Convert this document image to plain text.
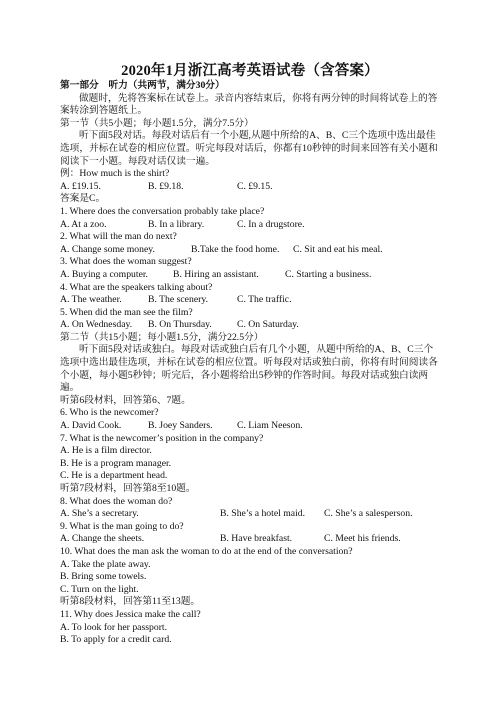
2020年1月浙江高考英语试卷（含答案）
第一部分 听力（共两节，满分30分）
做题时，先将答案标在试卷上。录音内容结束后，你将有两分钟的时间将试卷上的答案转涂到答题纸上。
第一节（共5小题；每小题1.5分，满分7.5分）
听下面5段对话。每段对话后有一个小题,从题中所给的A、B、C三个选项中选出最佳选项，并标在试卷的相应位置。听完每段对话后，你都有10秒钟的时间来回答有关小题和阅读下一小题。每段对话仅读一遍。
例：How much is the shirt?
A. £19.15.	B. £9.18.	C. £9.15.
答案是C。
1. Where does the conversation probably take place?
A. At a zoo.	B. In a library.	C. In a drugstore.
2. What will the man do next?
A. Change some money.	B.Take the food home. C. Sit and eat his meal.
3. What does the woman suggest?
A. Buying a computer.	B. Hiring an assistant.	C. Starting a business.
4. What are the speakers talking about?
A. The weather.	B. The scenery.	C. The traffic.
5. When did the man see the film?
A. On Wednesday. B. On Thursday.	C. On Saturday.
第二节（共15小题；每小题1.5分，满分22.5分）
听下面5段对话或独白。每段对话或独白后有几个小题，从题中所给的A、B、C三个选项中选出最佳选项，并标在试卷的相应位置。听每段对话或独白前，你将有时间阅读各个小题，每小题5秒钟；听完后，各小题将给出5秒钟的作答时间。每段对话或独白读两遍。
听第6段材料，回答第6、7题。
6. Who is the newcomer?
A. David Cook.	B. Joey Sanders.	C. Liam Neeson.
7. What is the newcomer’s position in the company?
A. He is a film director.
B. He is a program manager.
C. He is a department head.
听第7段材料，回答第8至10题。
8. What does the woman do?
A. She’s a secretary.	B. She’s a hotel maid. C. She’s a salesperson.
9. What is the man going to do?
A. Change the sheets.	B. Have breakfast.	C. Meet his friends.
10. What does the man ask the woman to do at the end of the conversation?
A. Take the plate away.
B. Bring some towels.
C. Turn on the light.
听第8段材料，回答第11至13题。
11. Why does Jessica make the call?
A. To look for her passport.
B. To apply for a credit card.
